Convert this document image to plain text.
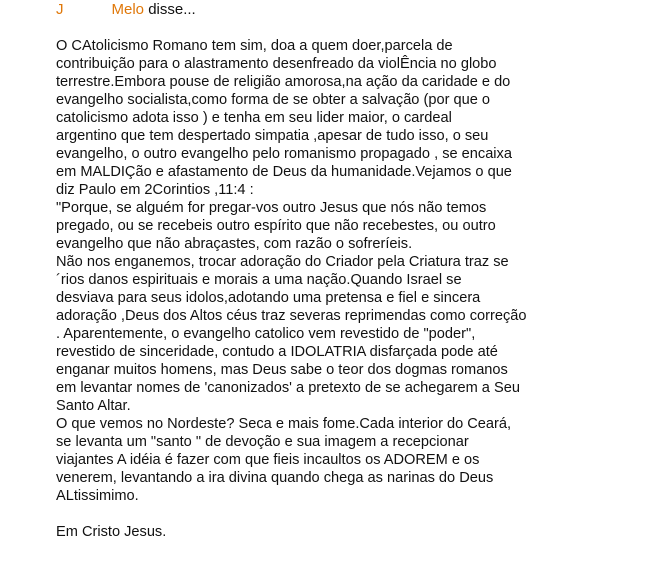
J	Melo disse...
O CAtolicismo Romano tem sim, doa a quem doer,parcela de
contribuição para o alastramento desenfreado da violÊncia no globo
terrestre.Embora pouse de religião amorosa,na ação da caridade e do
evangelho socialista,como forma de se obter a salvação (por que o
catolicismo adota isso ) e tenha em seu lider maior, o cardeal
argentino que tem despertado simpatia ,apesar de tudo isso, o seu
evangelho, o outro evangelho pelo romanismo propagado , se encaixa
em MALDIÇão e afastamento de Deus da humanidade.Vejamos o que
diz Paulo em 2Corintios ,11:4 :
"Porque, se alguém for pregar-vos outro Jesus que nós não temos
pregado, ou se recebeis outro espírito que não recebestes, ou outro
evangelho que não abraçastes, com razão o sofreríeis.
Não nos enganemos, trocar adoração do Criador pela Criatura traz se
´rios danos espirituais e morais a uma nação.Quando Israel se
desviava para seus idolos,adotando uma pretensa e fiel e sincera
adoração ,Deus dos Altos céus traz severas reprimendas como correção
. Aparentemente, o evangelho catolico vem revestido de "poder",
revestido de sinceridade, contudo a IDOLATRIA disfarçada pode até
enganar muitos homens, mas Deus sabe o teor dos dogmas romanos
em levantar nomes de 'canonizados' a pretexto de se achegarem a Seu
Santo Altar.
O que vemos no Nordeste? Seca e mais fome.Cada interior do Ceará,
se levanta um "santo " de devoção e sua imagem a recepcionar
viajantes A idéia é fazer com que fieis incaultos os ADOREM e os
venerem, levantando a ira divina quando chega as narinas do Deus
ALtissimimo.
Em Cristo Jesus.
